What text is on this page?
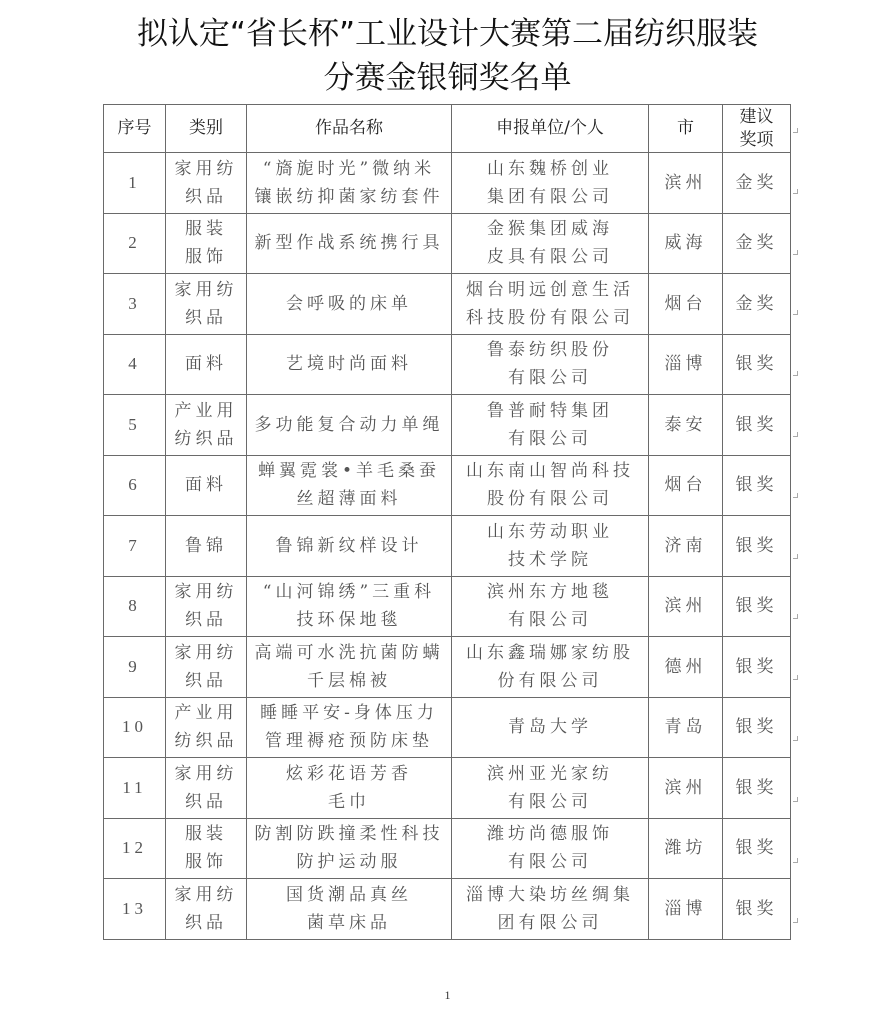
拟认定“省长杯”工业设计大赛第二届纺织服装
分赛金银铜奖名单
序号	类别	作品名称	申报单位/个人	市	建议
奖项

1	家用纺
织品	“旖旎时光”微纳米
镶嵌纺抑菌家纺套件	山东魏桥创业
集团有限公司	滨州	金奖
2	服装
服饰	新型作战系统携行具	金猴集团威海
皮具有限公司	威海	金奖
3	家用纺
织品	会呼吸的床单	烟台明远创意生活
科技股份有限公司	烟台	金奖
4	面料	艺境时尚面料	鲁泰纺织股份
有限公司	淄博	银奖
5	产业用
纺织品	多功能复合动力单绳	鲁普耐特集团
有限公司	泰安	银奖
6	面料	蝉翼霓裳•羊毛桑蚕
丝超薄面料	山东南山智尚科技
股份有限公司	烟台	银奖
7	鲁锦	鲁锦新纹样设计	山东劳动职业
技术学院	济南	银奖
8	家用纺
织品	“山河锦绣”三重科
技环保地毯	滨州东方地毯
有限公司	滨州	银奖
9	家用纺
织品	高端可水洗抗菌防螨
千层棉被	山东鑫瑞娜家纺股
份有限公司	德州	银奖
10	产业用
纺织品	睡睡平安-身体压力
管理褥疮预防床垫	青岛大学	青岛	银奖
11	家用纺
织品	炫彩花语芳香
毛巾	滨州亚光家纺
有限公司	滨州	银奖
12	服装
服饰	防割防跌撞柔性科技
防护运动服	潍坊尚德服饰
有限公司	潍坊	银奖
13	家用纺
织品	国货潮品真丝
菌草床品	淄博大染坊丝绸集
团有限公司	淄博	银奖
1
